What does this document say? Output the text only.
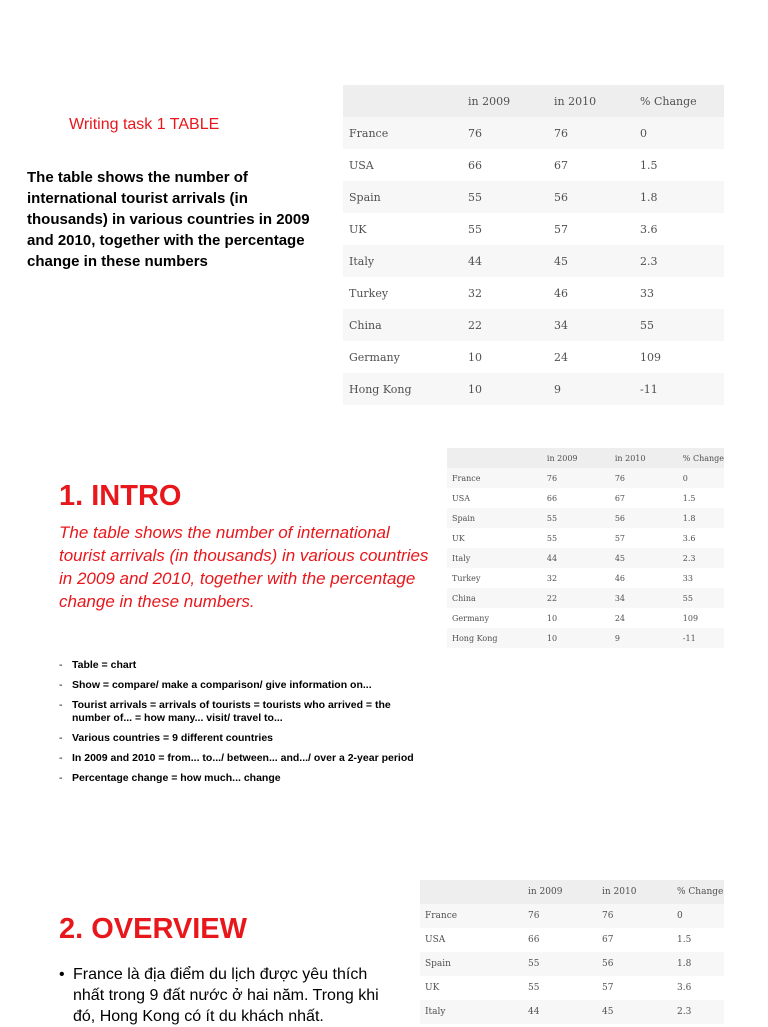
Writing task 1 TABLE
The table shows the number of international tourist arrivals (in thousands) in various countries in 2009 and 2010, together with the percentage change in these numbers
	in 2009	in 2010	% Change
France	76	76	0
USA	66	67	1.5
Spain	55	56	1.8
UK	55	57	3.6
Italy	44	45	2.3
Turkey	32	46	33
China	22	34	55
Germany	10	24	109
Hong Kong	10	9	-11
1. INTRO
The table shows the number of international tourist arrivals (in thousands) in various countries in 2009 and 2010, together with the percentage change in these numbers.
	in 2009	in 2010	% Change
France	76	76	0
USA	66	67	1.5
Spain	55	56	1.8
UK	55	57	3.6
Italy	44	45	2.3
Turkey	32	46	33
China	22	34	55
Germany	10	24	109
Hong Kong	10	9	-11
- Table = chart
- Show = compare/ make a comparison/ give information on...
- Tourist arrivals = arrivals of tourists = tourists who arrived = the number of... = how many... visit/ travel to...
- Various countries = 9 different countries
- In 2009 and 2010 = from... to.../ between... and.../ over a 2-year period
- Percentage change = how much... change
2. OVERVIEW
• France là địa điểm du lịch được yêu thích nhất trong 9 đất nước ở hai năm. Trong khi đó, Hong Kong có ít du khách nhất.
	in 2009	in 2010	% Change
France	76	76	0
USA	66	67	1.5
Spain	55	56	1.8
UK	55	57	3.6
Italy	44	45	2.3
